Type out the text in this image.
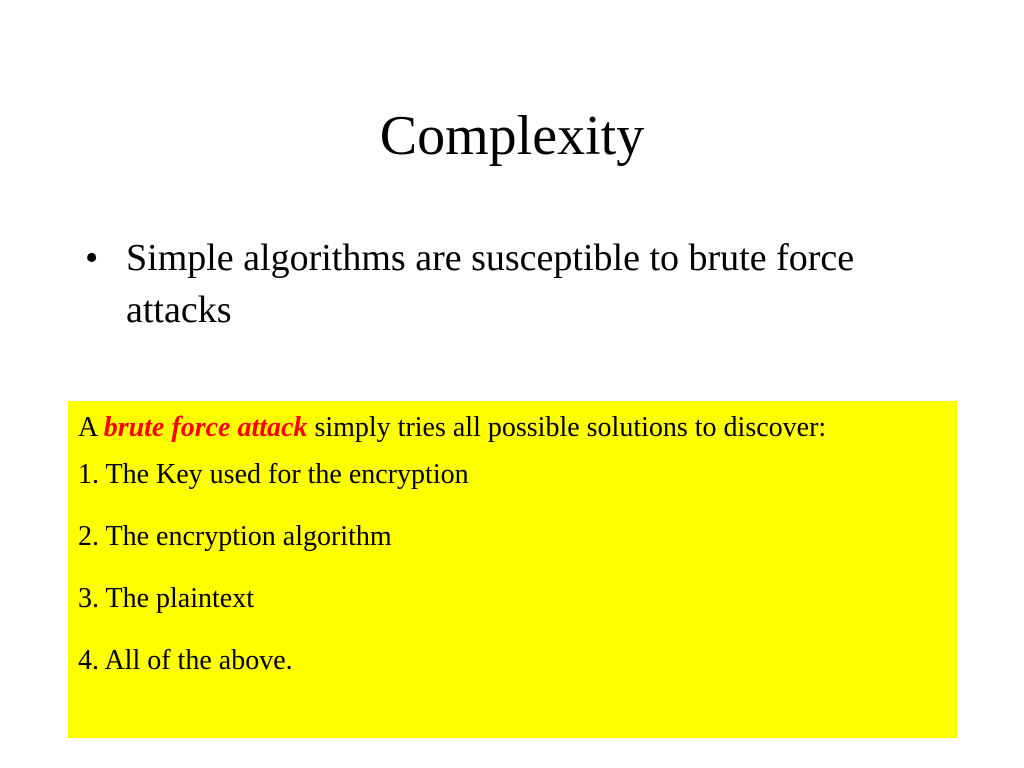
Complexity
• Simple algorithms are susceptible to brute force attacks

A brute force attack simply tries all possible solutions to discover:

1. The Key used for the encryption

2. The encryption algorithm

3. The plaintext

4. All of the above.
